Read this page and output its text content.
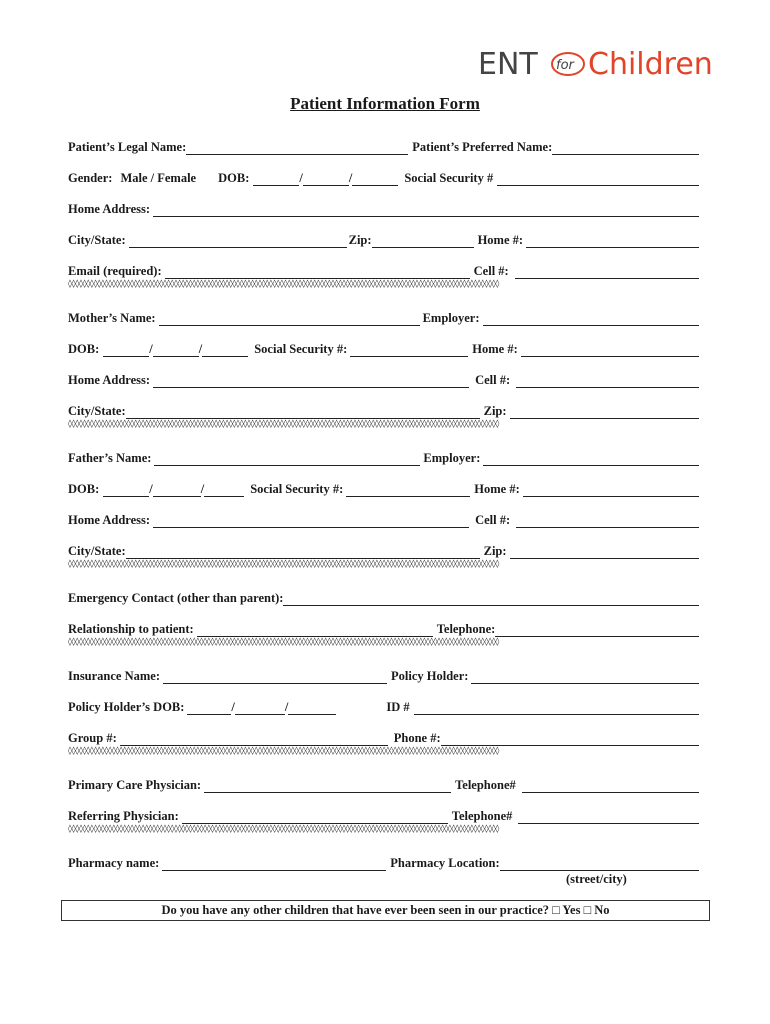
ENT for Children
Patient Information Form
Patient’s Legal Name:	Patient’s Preferred Name:
Gender: Male / Female DOB:	/	/	Social Security #
Home Address:
City/State:	Zip:	Home #:
Email (required):	Cell #:
◊◊◊◊◊◊◊◊◊◊◊◊◊◊◊◊◊◊◊◊◊◊◊◊◊◊◊◊◊◊◊◊◊◊◊◊◊◊◊◊◊◊◊◊◊◊◊◊◊◊◊◊◊◊◊◊◊◊◊◊◊◊◊◊◊◊◊◊◊◊◊◊◊◊◊◊◊◊◊◊◊◊◊◊◊◊◊◊◊◊◊◊◊◊◊◊◊◊◊◊◊◊◊◊◊◊◊◊◊◊◊◊◊◊◊◊◊◊
Mother’s Name:	Employer:
DOB:	/	/	Social Security #:	Home #:
Home Address:	Cell #:
City/State:	Zip:
◊◊◊◊◊◊◊◊◊◊◊◊◊◊◊◊◊◊◊◊◊◊◊◊◊◊◊◊◊◊◊◊◊◊◊◊◊◊◊◊◊◊◊◊◊◊◊◊◊◊◊◊◊◊◊◊◊◊◊◊◊◊◊◊◊◊◊◊◊◊◊◊◊◊◊◊◊◊◊◊◊◊◊◊◊◊◊◊◊◊◊◊◊◊◊◊◊◊◊◊◊◊◊◊◊◊◊◊◊◊◊◊◊◊◊◊◊◊
Father’s Name:	Employer:
DOB:	/	/	Social Security #:	Home #:
Home Address:	Cell #:
City/State:	Zip:
◊◊◊◊◊◊◊◊◊◊◊◊◊◊◊◊◊◊◊◊◊◊◊◊◊◊◊◊◊◊◊◊◊◊◊◊◊◊◊◊◊◊◊◊◊◊◊◊◊◊◊◊◊◊◊◊◊◊◊◊◊◊◊◊◊◊◊◊◊◊◊◊◊◊◊◊◊◊◊◊◊◊◊◊◊◊◊◊◊◊◊◊◊◊◊◊◊◊◊◊◊◊◊◊◊◊◊◊◊◊◊◊◊◊◊◊◊◊
Emergency Contact (other than parent):
Relationship to patient:	Telephone:
◊◊◊◊◊◊◊◊◊◊◊◊◊◊◊◊◊◊◊◊◊◊◊◊◊◊◊◊◊◊◊◊◊◊◊◊◊◊◊◊◊◊◊◊◊◊◊◊◊◊◊◊◊◊◊◊◊◊◊◊◊◊◊◊◊◊◊◊◊◊◊◊◊◊◊◊◊◊◊◊◊◊◊◊◊◊◊◊◊◊◊◊◊◊◊◊◊◊◊◊◊◊◊◊◊◊◊◊◊◊◊◊◊◊◊◊◊◊
Insurance Name:	Policy Holder:
Policy Holder’s DOB:	/	/	ID #
Group #:	Phone #:
◊◊◊◊◊◊◊◊◊◊◊◊◊◊◊◊◊◊◊◊◊◊◊◊◊◊◊◊◊◊◊◊◊◊◊◊◊◊◊◊◊◊◊◊◊◊◊◊◊◊◊◊◊◊◊◊◊◊◊◊◊◊◊◊◊◊◊◊◊◊◊◊◊◊◊◊◊◊◊◊◊◊◊◊◊◊◊◊◊◊◊◊◊◊◊◊◊◊◊◊◊◊◊◊◊◊◊◊◊◊◊◊◊◊◊◊◊◊
Primary Care Physician:	Telephone#
Referring Physician:	Telephone#
◊◊◊◊◊◊◊◊◊◊◊◊◊◊◊◊◊◊◊◊◊◊◊◊◊◊◊◊◊◊◊◊◊◊◊◊◊◊◊◊◊◊◊◊◊◊◊◊◊◊◊◊◊◊◊◊◊◊◊◊◊◊◊◊◊◊◊◊◊◊◊◊◊◊◊◊◊◊◊◊◊◊◊◊◊◊◊◊◊◊◊◊◊◊◊◊◊◊◊◊◊◊◊◊◊◊◊◊◊◊◊◊◊◊◊◊◊◊
Pharmacy name:	Pharmacy Location:
(street/city)
Do you have any other children that have ever been seen in our practice? □ Yes □ No
